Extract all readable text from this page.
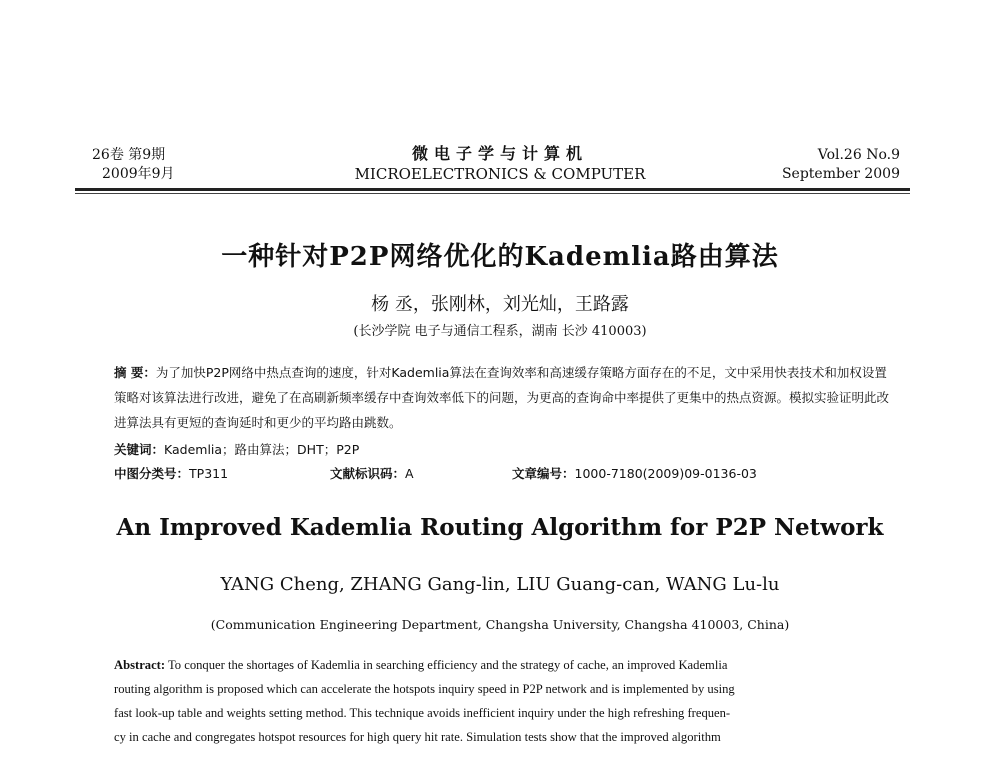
26卷 第9期
2009年9月
微电子学与计算机
MICROELECTRONICS & COMPUTER
Vol.26 No.9
September 2009
一种针对P2P网络优化的Kademlia路由算法
杨 丞，张刚林，刘光灿，王路露
(长沙学院 电子与通信工程系，湖南 长沙 410003)
摘 要：为了加快P2P网络中热点查询的速度，针对Kademlia算法在查询效率和高速缓存策略方面存在的不足，文中采用快表技术和加权设置策略对该算法进行改进，避免了在高刷新频率缓存中查询效率低下的问题，为更高的查询命中率提供了更集中的热点资源。模拟实验证明此改进算法具有更短的查询延时和更少的平均路由跳数。
关键词：Kademlia；路由算法；DHT；P2P
中图分类号：TP311	文献标识码：A	文章编号：1000-7180(2009)09-0136-03
An Improved Kademlia Routing Algorithm for P2P Network
YANG Cheng, ZHANG Gang-lin, LIU Guang-can, WANG Lu-lu
(Communication Engineering Department, Changsha University, Changsha 410003, China)

Abstract: To conquer the shortages of Kademlia in searching efficiency and the strategy of cache, an improved Kademlia

routing algorithm is proposed which can accelerate the hotspots inquiry speed in P2P network and is implemented by using

fast look-up table and weights setting method. This technique avoids inefficient inquiry under the high refreshing frequen-

cy in cache and congregates hotspot resources for high query hit rate. Simulation tests show that the improved algorithm
